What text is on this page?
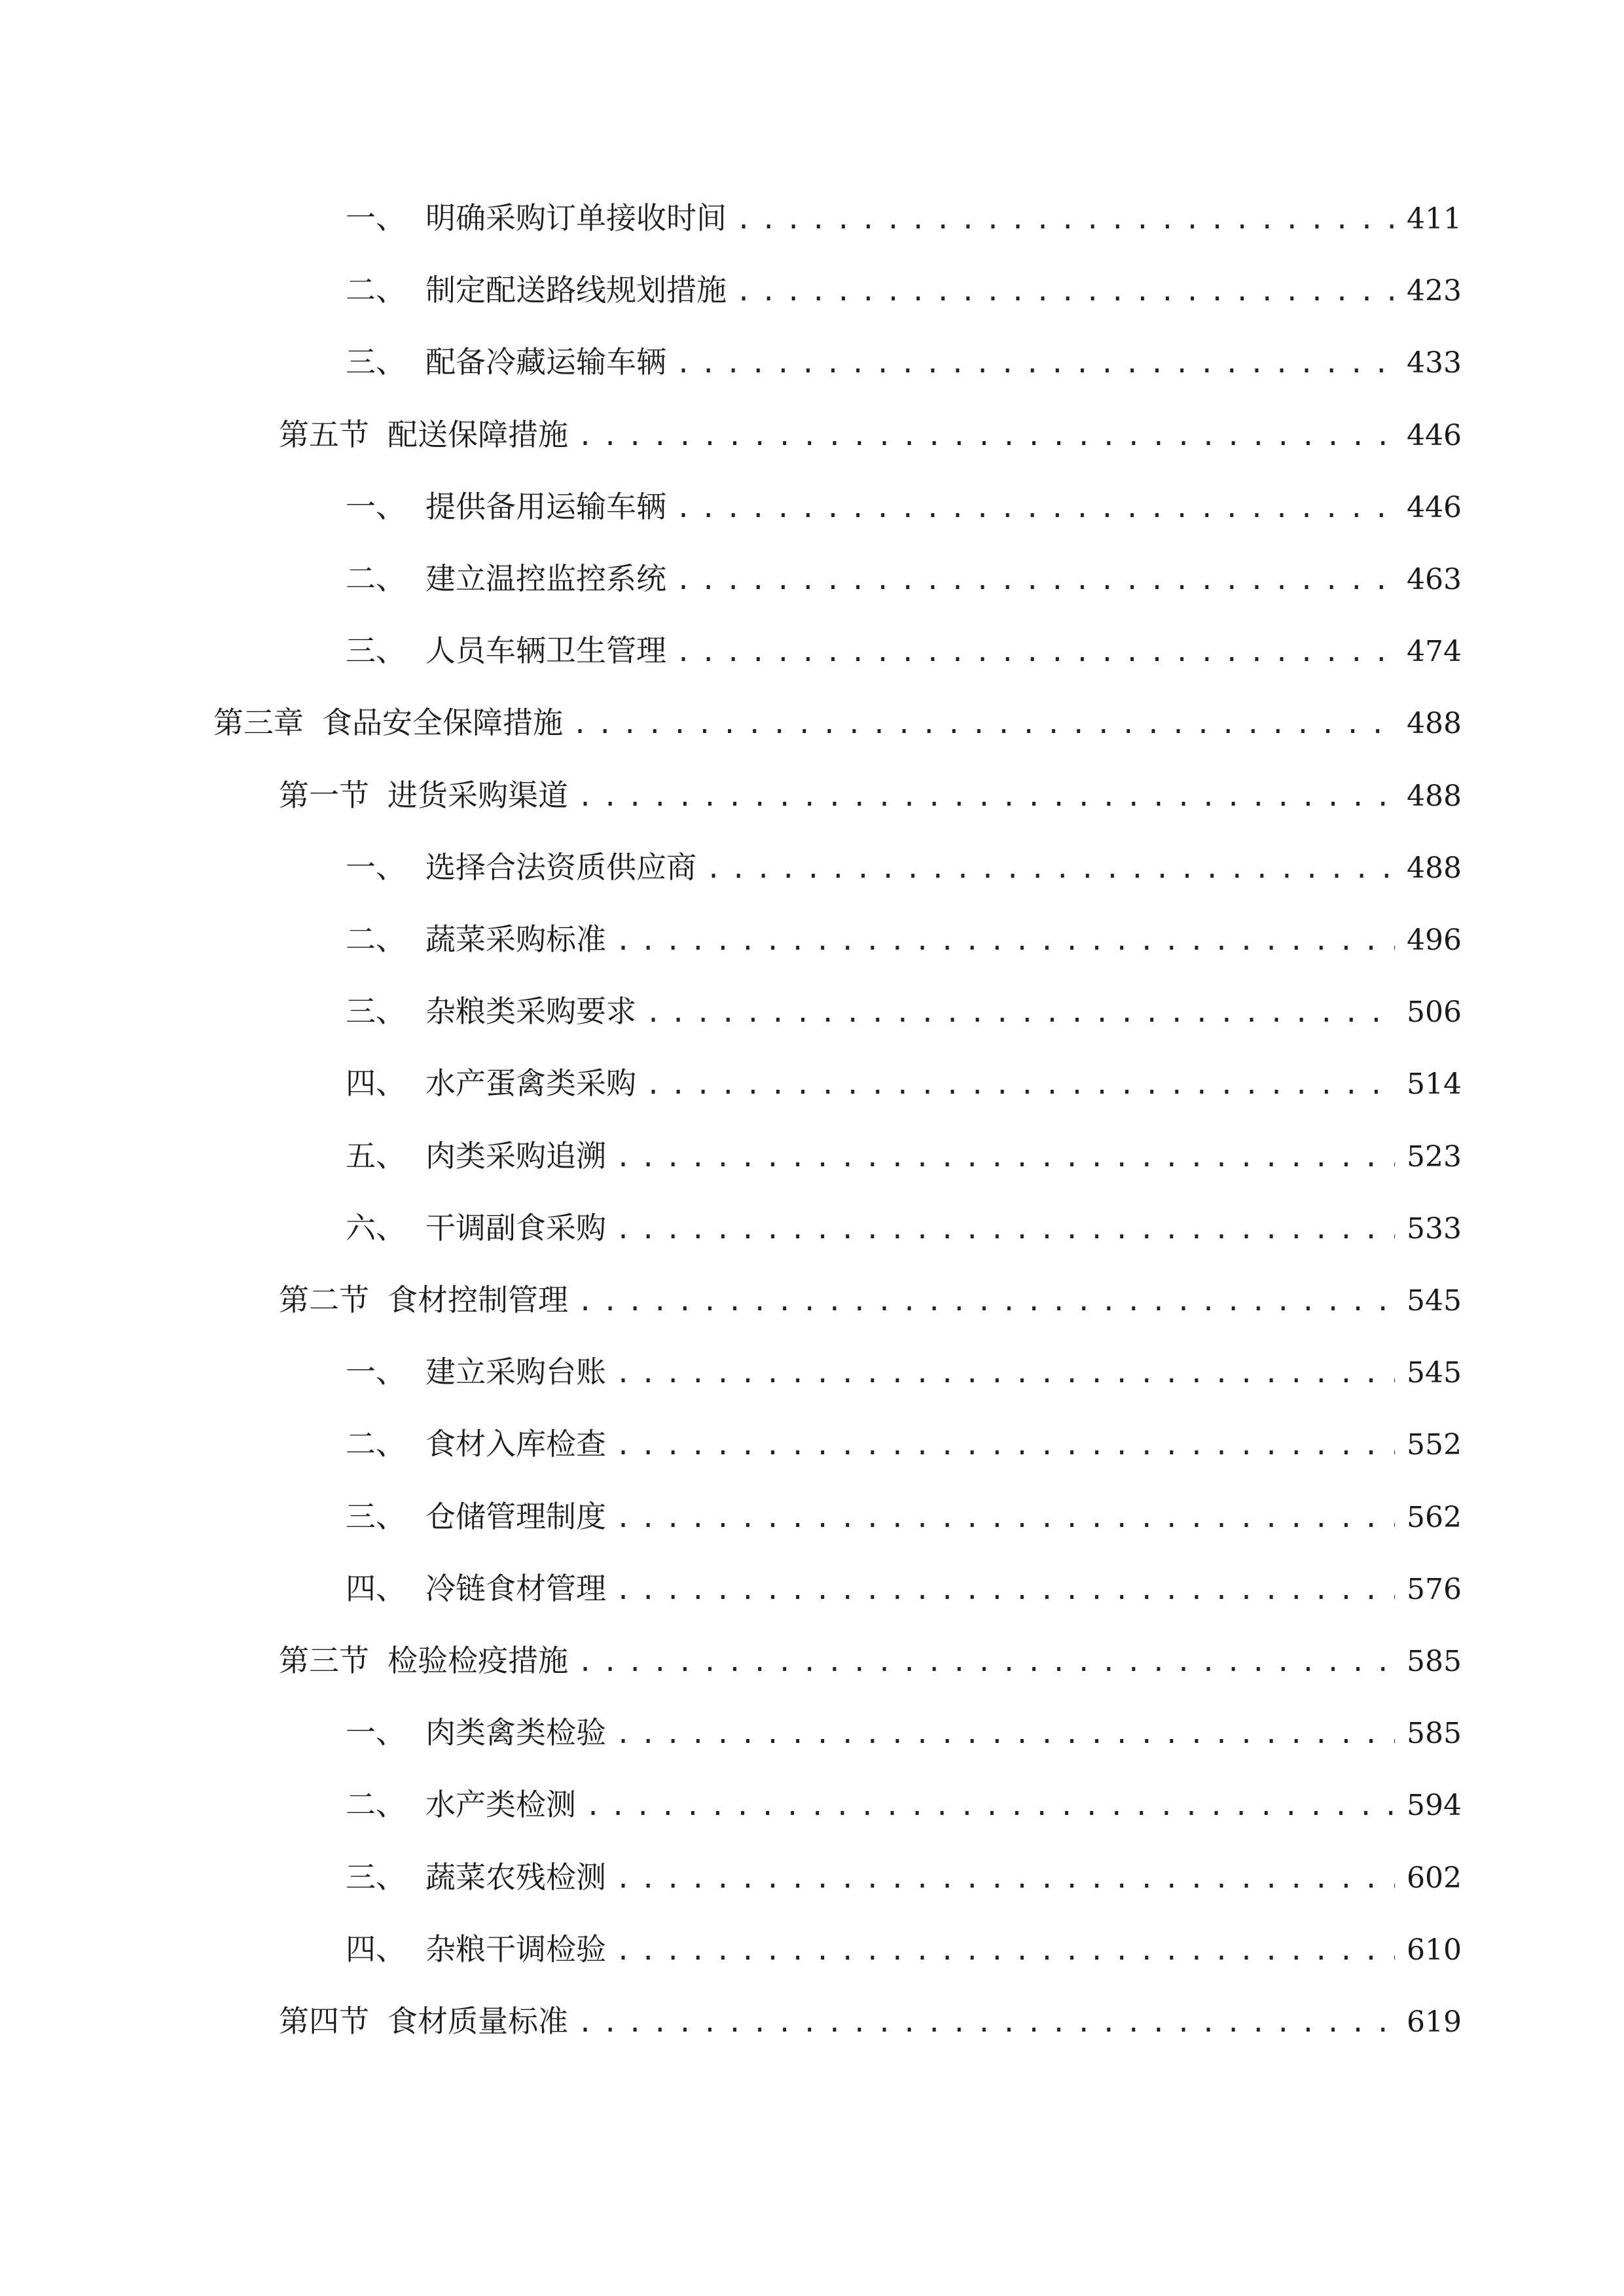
一、 明确采购订单接收时间 .....	411
二、 制定配送路线规划措施 .....	423
三、 配备冷藏运输车辆 .....	433
第五节 配送保障措施 .....	446
一、 提供备用运输车辆 .....	446
二、 建立温控监控系统 .....	463
三、 人员车辆卫生管理 .....	474
第三章 食品安全保障措施 .....	488
第一节 进货采购渠道 .....	488
一、 选择合法资质供应商 .....	488
二、 蔬菜采购标准 .....	496
三、 杂粮类采购要求 .....	506
四、 水产蛋禽类采购 .....	514
五、 肉类采购追溯 .....	523
六、 干调副食采购 .....	533
第二节 食材控制管理 .....	545
一、 建立采购台账 .....	545
二、 食材入库检查 .....	552
三、 仓储管理制度 .....	562
四、 冷链食材管理 .....	576
第三节 检验检疫措施 .....	585
一、 肉类禽类检验 .....	585
二、 水产类检测 .....	594
三、 蔬菜农残检测 .....	602
四、 杂粮干调检验 .....	610
第四节 食材质量标准 .....	619
